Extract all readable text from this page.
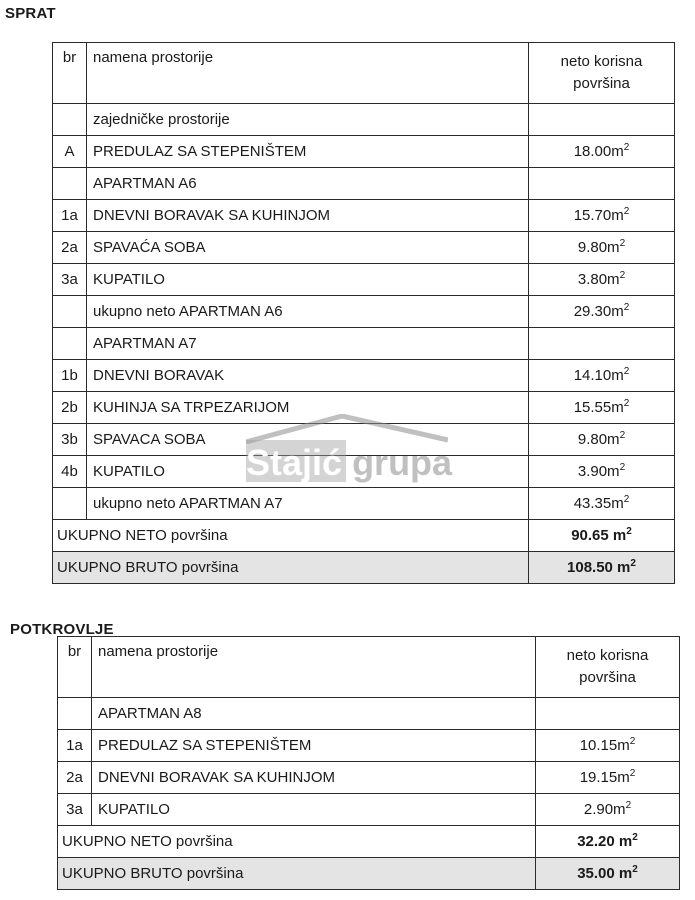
SPRAT
br	namena prostorije	neto korisna
površina

	zajedničke prostorije	
A	PREDULAZ SA STEPENIŠTEM	$18.00m^2$
	APARTMAN A6	
1a	DNEVNI BORAVAK SA KUHINJOM	$15.70m^2$
2a	SPAVAĆA SOBA	$9.80m^2$
3a	KUPATILO	$3.80m^2$
	ukupno neto APARTMAN A6	$29.30m^2$
	APARTMAN A7	
1b	DNEVNI BORAVAK	$14.10m^2$
2b	KUHINJA SA TRPEZARIJOM	$15.55m^2$
3b	SPAVACA SOBA	$9.80m^2$
4b	KUPATILO	$3.90m^2$
	ukupno neto APARTMAN A7	$43.35m^2$
UKUPNO NETO površina		90.65 $m^2$
UKUPNO BRUTO površina		108.50 $m^2$
POTKROVLJE
br	namena prostorije	neto korisna
površina

	APARTMAN A8	
1a	PREDULAZ SA STEPENIŠTEM	$10.15m^2$
2a	DNEVNI BORAVAK SA KUHINJOM	$19.15m^2$
3a	KUPATILO	$2.90m^2$
UKUPNO NETO površina		32.20 $m^2$
UKUPNO BRUTO površina		35.00 $m^2$
Stajić grupa
